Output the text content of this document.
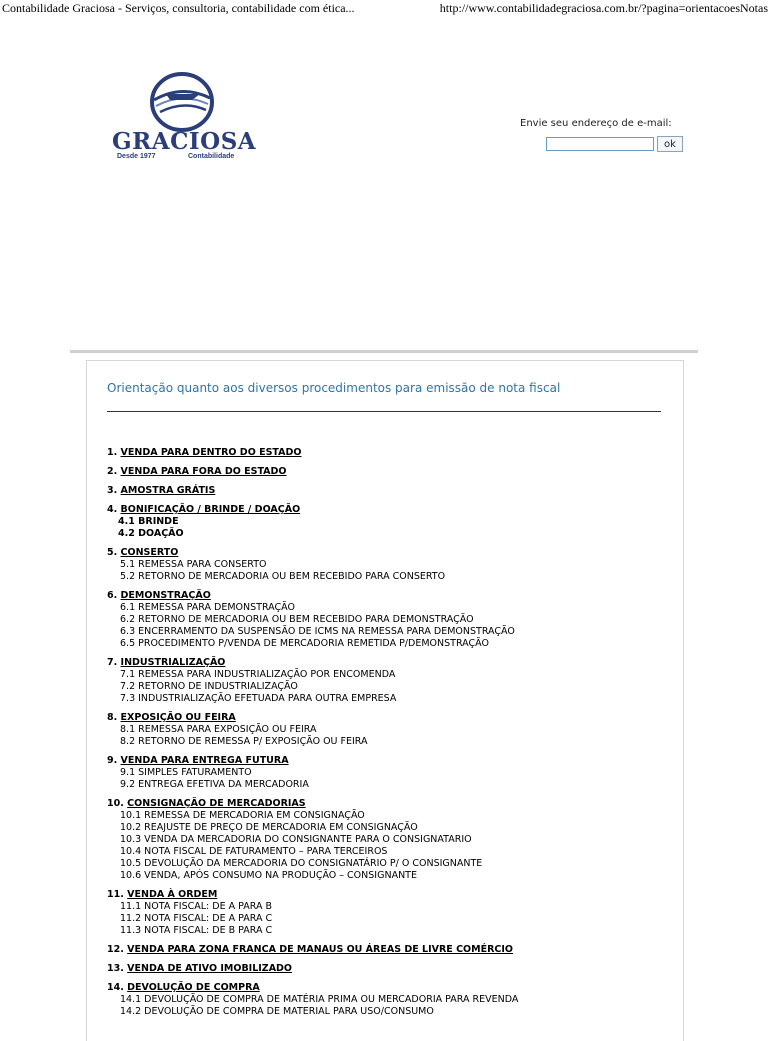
Contabilidade Graciosa - Serviços, consultoria, contabilidade com ética...	http://www.contabilidadegraciosa.com.br/?pagina=orientacoesNotas
GRACIOSA
Desde 1977	Contabilidade
Envie seu endereço de e-mail:
ok
Orientação quanto aos diversos procedimentos para emissão de nota fiscal
1. VENDA PARA DENTRO DO ESTADO
2. VENDA PARA FORA DO ESTADO
3. AMOSTRA GRÁTIS
4. BONIFICAÇÃO / BRINDE / DOAÇÃO
4.1 BRINDE
4.2 DOAÇÃO
5. CONSERTO
5.1 REMESSA PARA CONSERTO
5.2 RETORNO DE MERCADORIA OU BEM RECEBIDO PARA CONSERTO
6. DEMONSTRAÇÃO
6.1 REMESSA PARA DEMONSTRAÇÃO
6.2 RETORNO DE MERCADORIA OU BEM RECEBIDO PARA DEMONSTRAÇÃO
6.3 ENCERRAMENTO DA SUSPENSÃO DE ICMS NA REMESSA PARA DEMONSTRAÇÃO
6.5 PROCEDIMENTO P/VENDA DE MERCADORIA REMETIDA P/DEMONSTRAÇÃO
7. INDUSTRIALIZAÇÃO
7.1 REMESSA PARA INDUSTRIALIZAÇÃO POR ENCOMENDA
7.2 RETORNO DE INDUSTRIALIZAÇÃO
7.3 INDUSTRIALIZAÇÃO EFETUADA PARA OUTRA EMPRESA
8. EXPOSIÇÃO OU FEIRA
8.1 REMESSA PARA EXPOSIÇÃO OU FEIRA
8.2 RETORNO DE REMESSA P/ EXPOSIÇÃO OU FEIRA
9. VENDA PARA ENTREGA FUTURA
9.1 SIMPLES FATURAMENTO
9.2 ENTREGA EFETIVA DA MERCADORIA
10. CONSIGNAÇÃO DE MERCADORIAS
10.1 REMESSA DE MERCADORIA EM CONSIGNAÇÃO
10.2 REAJUSTE DE PREÇO DE MERCADORIA EM CONSIGNAÇÃO
10.3 VENDA DA MERCADORIA DO CONSIGNANTE PARA O CONSIGNATARIO
10.4 NOTA FISCAL DE FATURAMENTO – PARA TERCEIROS
10.5 DEVOLUÇÃO DA MERCADORIA DO CONSIGNATÁRIO P/ O CONSIGNANTE
10.6 VENDA, APÓS CONSUMO NA PRODUÇÃO – CONSIGNANTE
11. VENDA À ORDEM
11.1 NOTA FISCAL: DE A PARA B
11.2 NOTA FISCAL: DE A PARA C
11.3 NOTA FISCAL: DE B PARA C
12. VENDA PARA ZONA FRANCA DE MANAUS OU ÁREAS DE LIVRE COMÉRCIO
13. VENDA DE ATIVO IMOBILIZADO
14. DEVOLUÇÃO DE COMPRA
14.1 DEVOLUÇÃO DE COMPRA DE MATÉRIA PRIMA OU MERCADORIA PARA REVENDA
14.2 DEVOLUÇÃO DE COMPRA DE MATERIAL PARA USO/CONSUMO
